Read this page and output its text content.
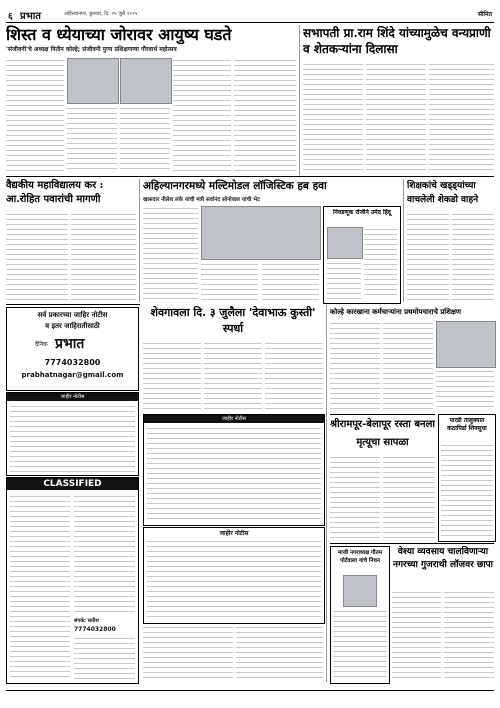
६ प्रभात	अहिल्यानगर, बुधवार, दि. २५ जुलै २०२५	सीमित
शिस्त व ध्येयाच्या जोरावर आयुष्य घडते
'संजीवनी'चे अध्यक्ष नितीन कोल्हे; संजीवनी पुण्य प्रशिक्षणन्या गौरवार्थ महोत्सव
सभापती प्रा.राम शिंदे यांच्यामुळेच वन्यप्राणी व शेतकऱ्यांना दिलासा
वैद्यकीय महाविद्यालय कर : आ.रोहित पवारांची मागणी
अहिल्यानगरमध्ये मल्टिमोडल लॉजिस्टिक हब हवा
खासदार नीलेश लंके यांची मंत्री सर्वानंद सोनोवाल यांची भेट
निवडणूक रोजीने उमेद हिंदू
शिक्षकांचे खड्ड्यांच्या वाचलेली शेकडो वाहने
सर्व प्रकारच्या जाहिर नोटीस
व इतर जाहिरातीसाठी
दैनिक प्रभात
7774032800
prabhatnagar@gmail.com
जाहीर नोटीस
CLASSIFIED
संपर्क: सतीश
7774032800
शेवगावला दि. ३ जुलैला 'देवाभाऊ कुस्ती' स्पर्धा
जाहीर नोटीस
जाहीर नोटीस
कोल्हे कारखाना कर्मचाऱ्यांना प्रथमोपचाराचे प्रशिक्षण
श्रीरामपूर-बेलापूर रस्ता बनला मृत्यूचा सापळा
पारडी तालुक्यात कठापिर्डा शिवसुधा
माजी नगराध्यक्ष गौतम पोर्टवाला यांचे निधन
वेश्या व्यवसाय चालविणाऱ्या नगरच्या गुजराथी लॉजवर छापा
